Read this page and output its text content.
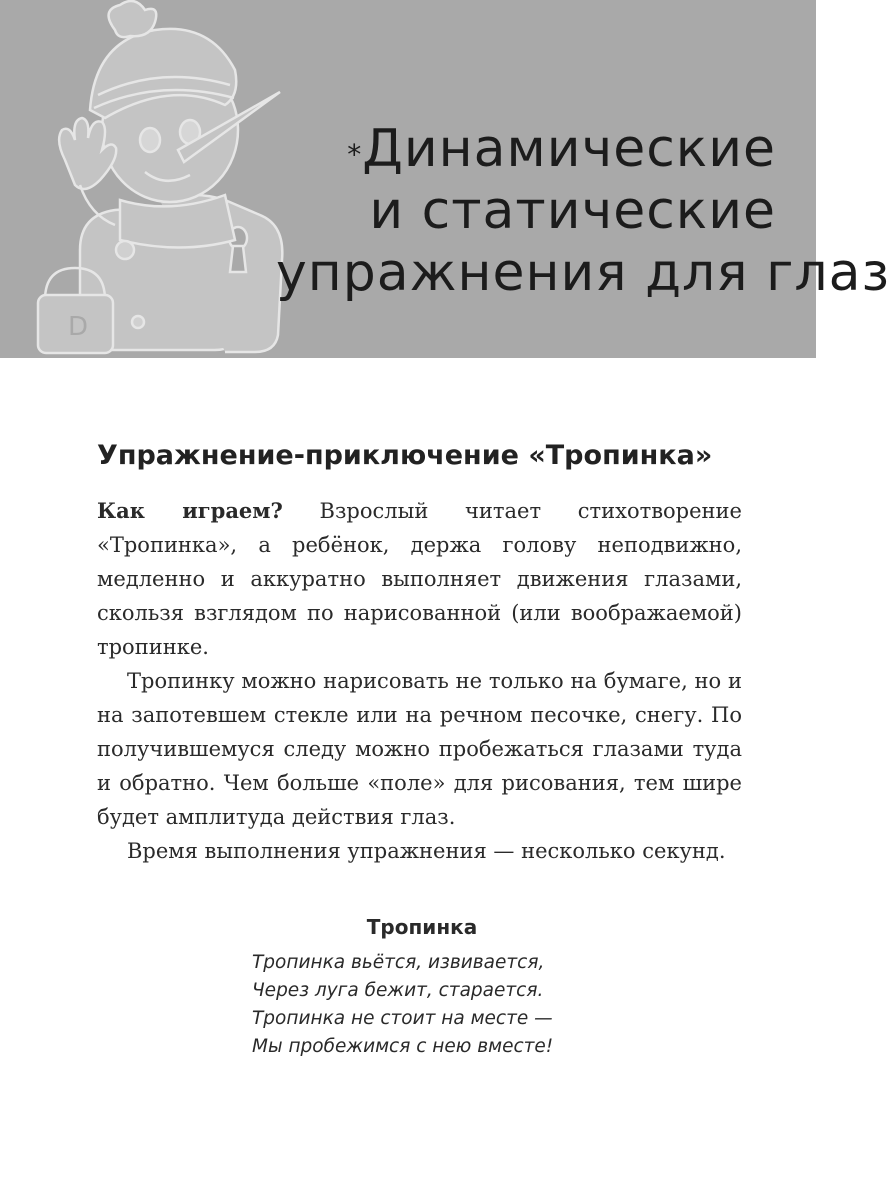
D
*Динамические
и статические
упражнения для глаз
Упражнение-приключение «Тропинка»

Как играем? Взрослый читает стихотворение «Тропинка», а ребёнок, держа голову неподвижно, медленно и аккуратно выполняет движения глазами, скользя взглядом по нарисованной (или воображаемой) тропинке.

Тропинку можно нарисовать не только на бумаге, но и на запотевшем стекле или на речном песочке, снегу. По получившемуся следу можно пробежаться глазами туда и обратно. Чем больше «поле» для рисования, тем шире будет амплитуда действия глаз.

Время выполнения упражнения — несколько секунд.

Тропинка
Тропинка вьётся, извивается,
Через луга бежит, старается.
Тропинка не стоит на месте —
Мы пробежимся с нею вместе!
